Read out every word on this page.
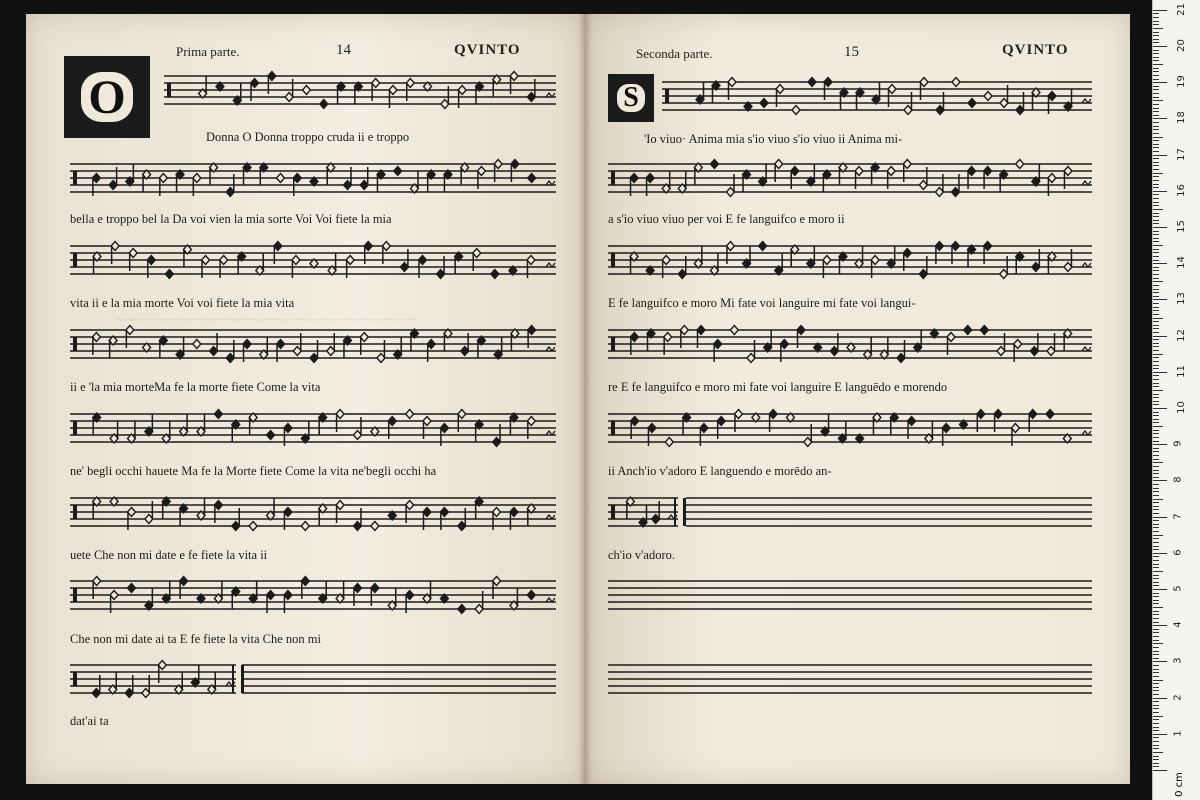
~~~~~~~~~~~~~~~~~~~~~~~~~~~~~~~~~~~~~~~~~~~~~~~~~~~
O
Prima parte.	14	QVINTO
Donna O Donna troppo cruda ii e troppo
bella e troppo bel la Da voi vien la mia sorte Voi Voi fiete la mia
vita ii e la mia morte Voi voi fiete la mia vita
ii e 'la mia morteMa fe la morte fiete Come la vita
ne' begli occhi hauete Ma fe la Morte fiete Come la vita ne'begli occhi ha
uete Che non mi date e fe fiete la vita ii
Che non mi date ai ta E fe fiete la vita Che non mi
dat'ai ta
S
Seconda parte.	15	QVINTO
'Io viuo· Anima mia s'io viuo s'io viuo ii Anima mi-
a s'io viuo viuo per voi E fe languifco e moro ii
E fe languifco e moro Mi fate voi languire mi fate voi langui-
re E fe languifco e moro mi fate voi languire E languēdo e morendo
ii Anch'io v'adoro E languendo e morēdo an-
ch'io v'adoro.
0 cm
1
2
3
4
5
6
7
8
9
10
11
12
13
14
15
16
17
18
19
20
21
